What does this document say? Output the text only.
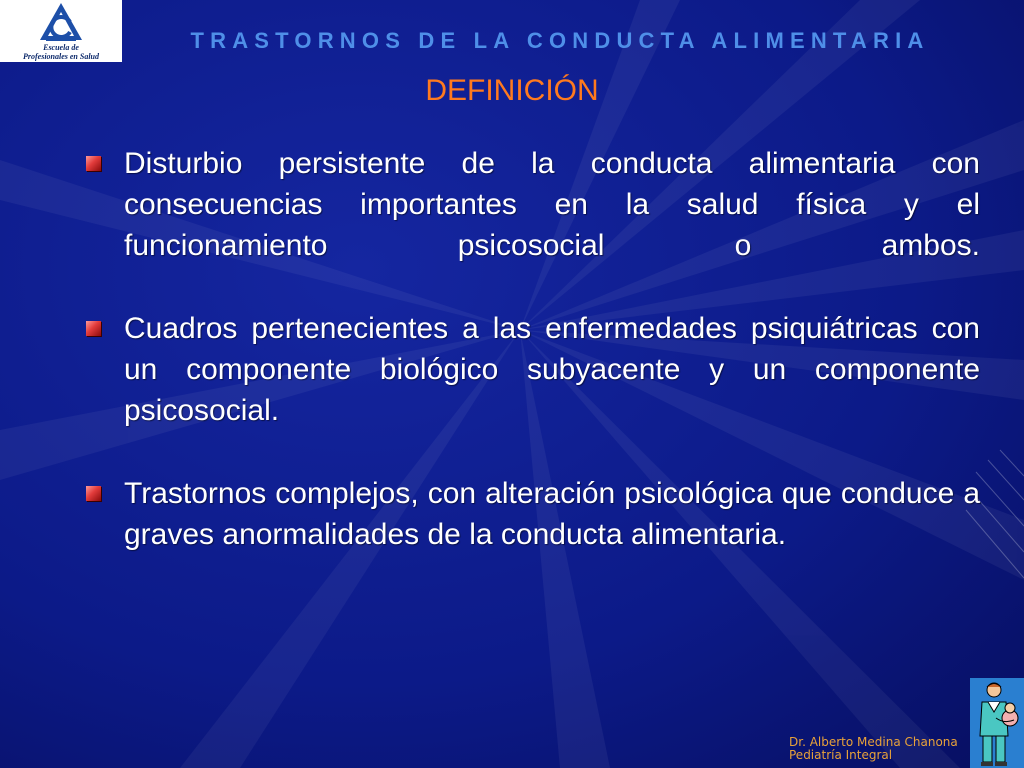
Escuela de
Profesionales en Salud
TRASTORNOS DE LA CONDUCTA ALIMENTARIA
DEFINICIÓN
Disturbio persistente de la conducta alimentaria con consecuencias importantes en la salud física y el funcionamiento psicosocial o ambos.
Cuadros pertenecientes a las enfermedades psiquiátricas con un componente biológico subyacente y un componente psicosocial.
Trastornos complejos, con alteración psicológica que conduce a graves anormalidades de la conducta alimentaria.
Dr. Alberto Medina Chanona
Pediatría Integral
